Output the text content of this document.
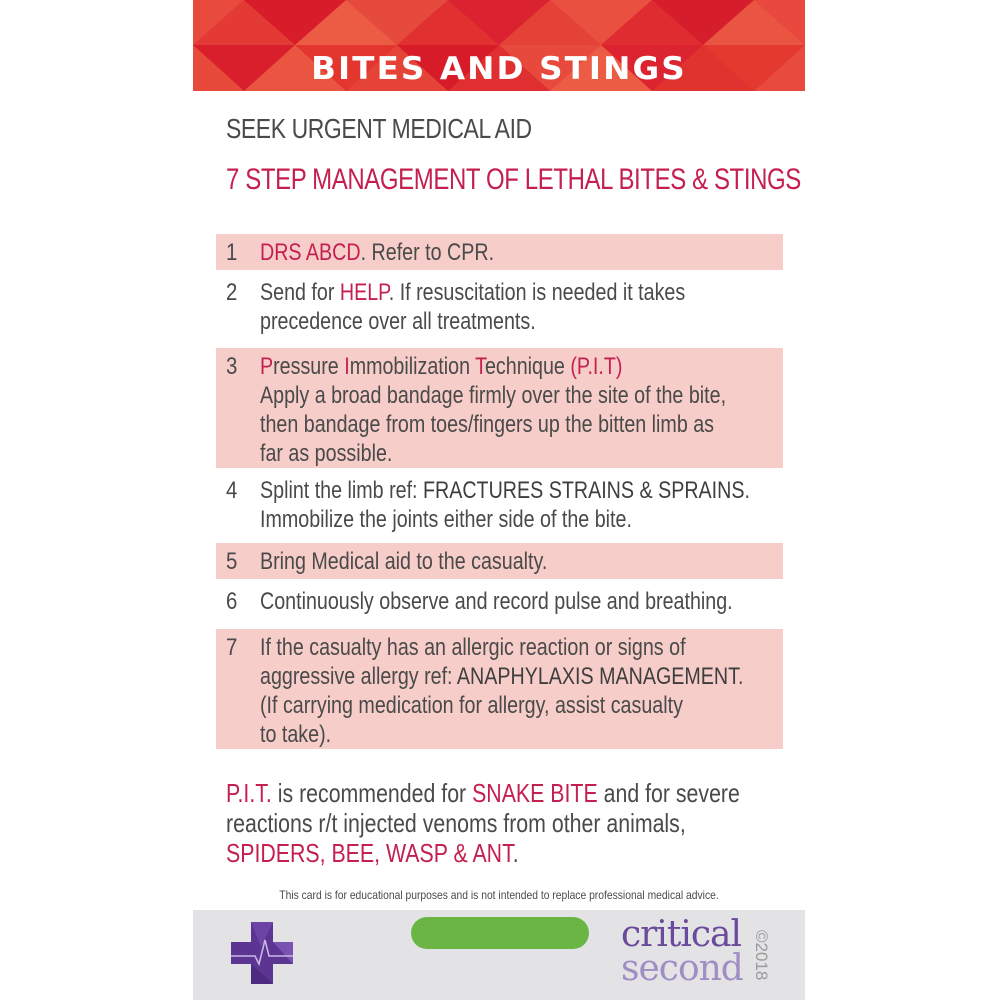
BITES AND STINGS
SEEK URGENT MEDICAL AID
7 STEP MANAGEMENT OF LETHAL BITES & STINGS
1 DRS ABCD. Refer to CPR.
2 Send for HELP. If resuscitation is needed it takes
precedence over all treatments.
3 Pressure Immobilization Technique (P.I.T)
Apply a broad bandage firmly over the site of the bite,
then bandage from toes/fingers up the bitten limb as
far as possible.
4 Splint the limb ref: FRACTURES STRAINS & SPRAINS.
Immobilize the joints either side of the bite.
5 Bring Medical aid to the casualty.
6 Continuously observe and record pulse and breathing.
7 If the casualty has an allergic reaction or signs of
aggressive allergy ref: ANAPHYLAXIS MANAGEMENT.
(If carrying medication for allergy, assist casualty
to take).
P.I.T. is recommended for SNAKE BITE and for severe
reactions r/t injected venoms from other animals,
SPIDERS, BEE, WASP & ANT.
This card is for educational purposes and is not intended to replace professional medical advice.
critical
second ©2018
